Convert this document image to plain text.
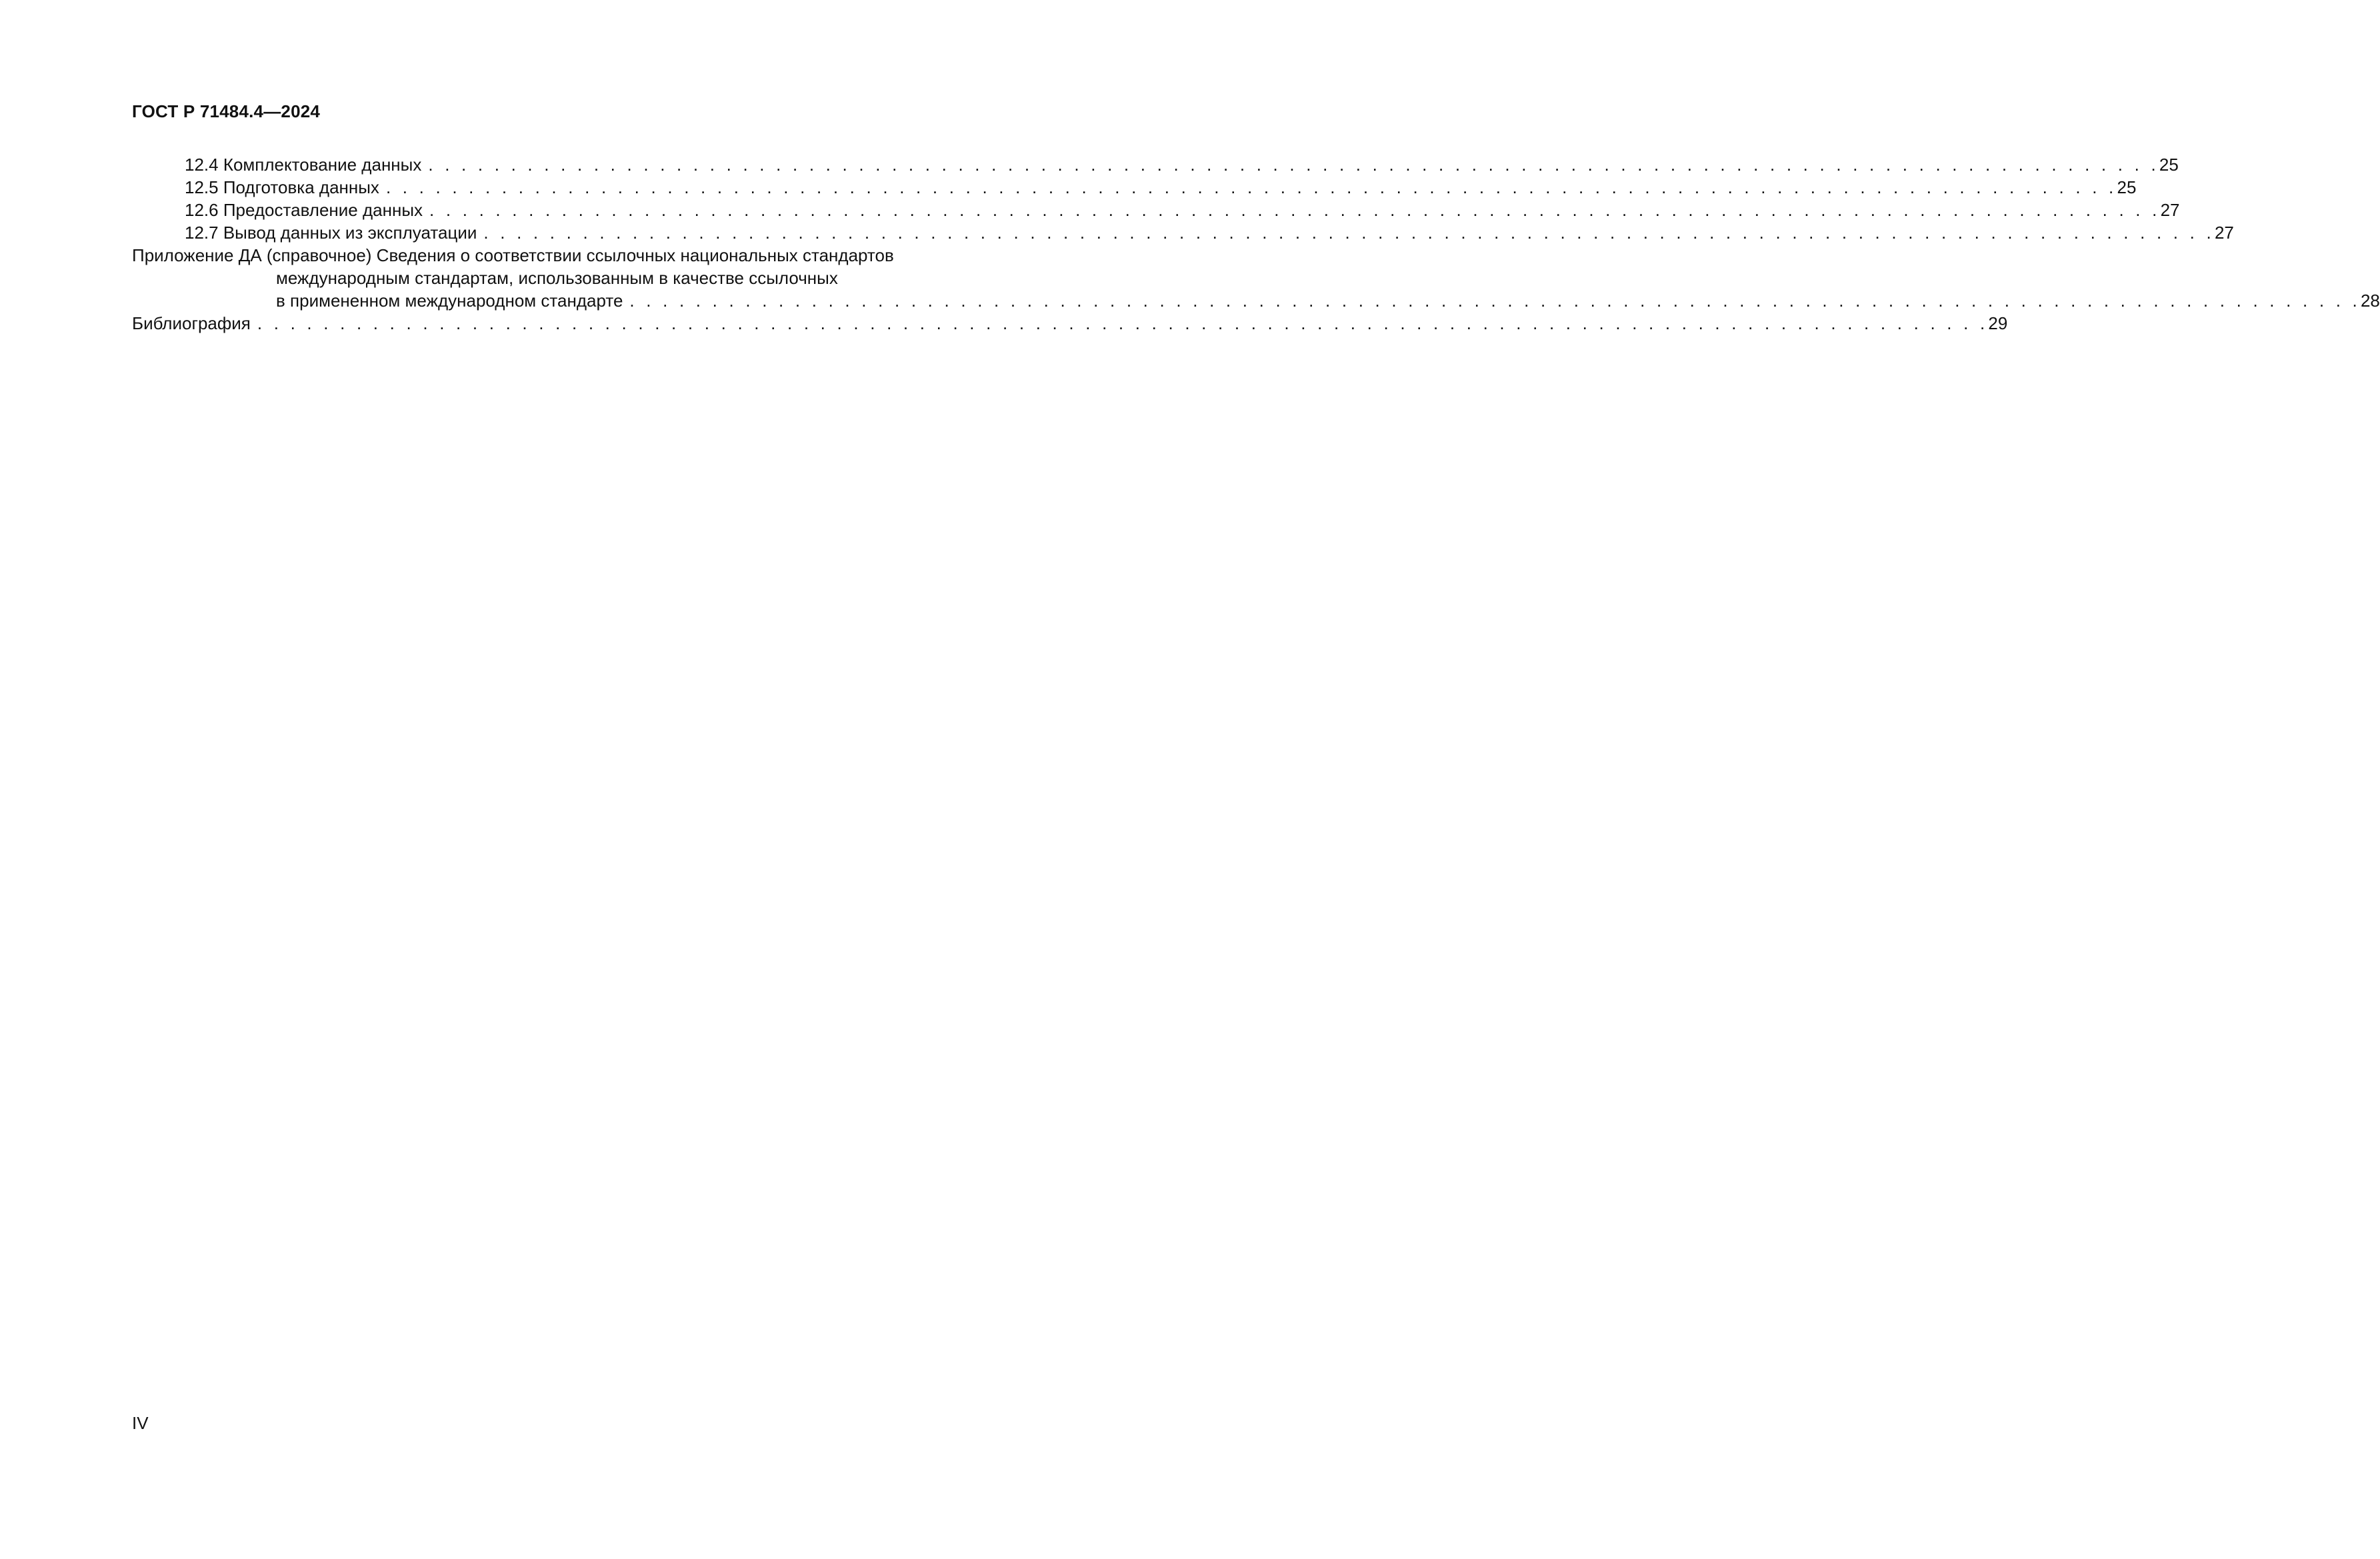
ГОСТ Р 71484.4—2024
12.4 Комплектование данных . . . . . . . . . . . . . . . . . . . . . . . . . . . . . . . . . . . . . . . . . . . . . . . . . . . . . . . . . . . . . . . . . . . . . . . . . . . . . . . . . . . . . . . . . . . . . . . . . . . . . . . . . 25
12.5 Подготовка данных . . . . . . . . . . . . . . . . . . . . . . . . . . . . . . . . . . . . . . . . . . . . . . . . . . . . . . . . . . . . . . . . . . . . . . . . . . . . . . . . . . . . . . . . . . . . . . . . . . . . . . . . . 25
12.6 Предоставление данных . . . . . . . . . . . . . . . . . . . . . . . . . . . . . . . . . . . . . . . . . . . . . . . . . . . . . . . . . . . . . . . . . . . . . . . . . . . . . . . . . . . . . . . . . . . . . . . . . . . . . . . . . 27
12.7 Вывод данных из эксплуатации . . . . . . . . . . . . . . . . . . . . . . . . . . . . . . . . . . . . . . . . . . . . . . . . . . . . . . . . . . . . . . . . . . . . . . . . . . . . . . . . . . . . . . . . . . . . . . . . . . . . . . . . . 27
Приложение ДА (справочное) Сведения о соответствии ссылочных национальных стандартов
международным стандартам, использованным в качестве ссылочных
в примененном международном стандарте . . . . . . . . . . . . . . . . . . . . . . . . . . . . . . . . . . . . . . . . . . . . . . . . . . . . . . . . . . . . . . . . . . . . . . . . . . . . . . . . . . . . . . . . . . . . . . . . . . . . . . . . . 28
Библиография . . . . . . . . . . . . . . . . . . . . . . . . . . . . . . . . . . . . . . . . . . . . . . . . . . . . . . . . . . . . . . . . . . . . . . . . . . . . . . . . . . . . . . . . . . . . . . . . . . . . . . . . . 29
IV
